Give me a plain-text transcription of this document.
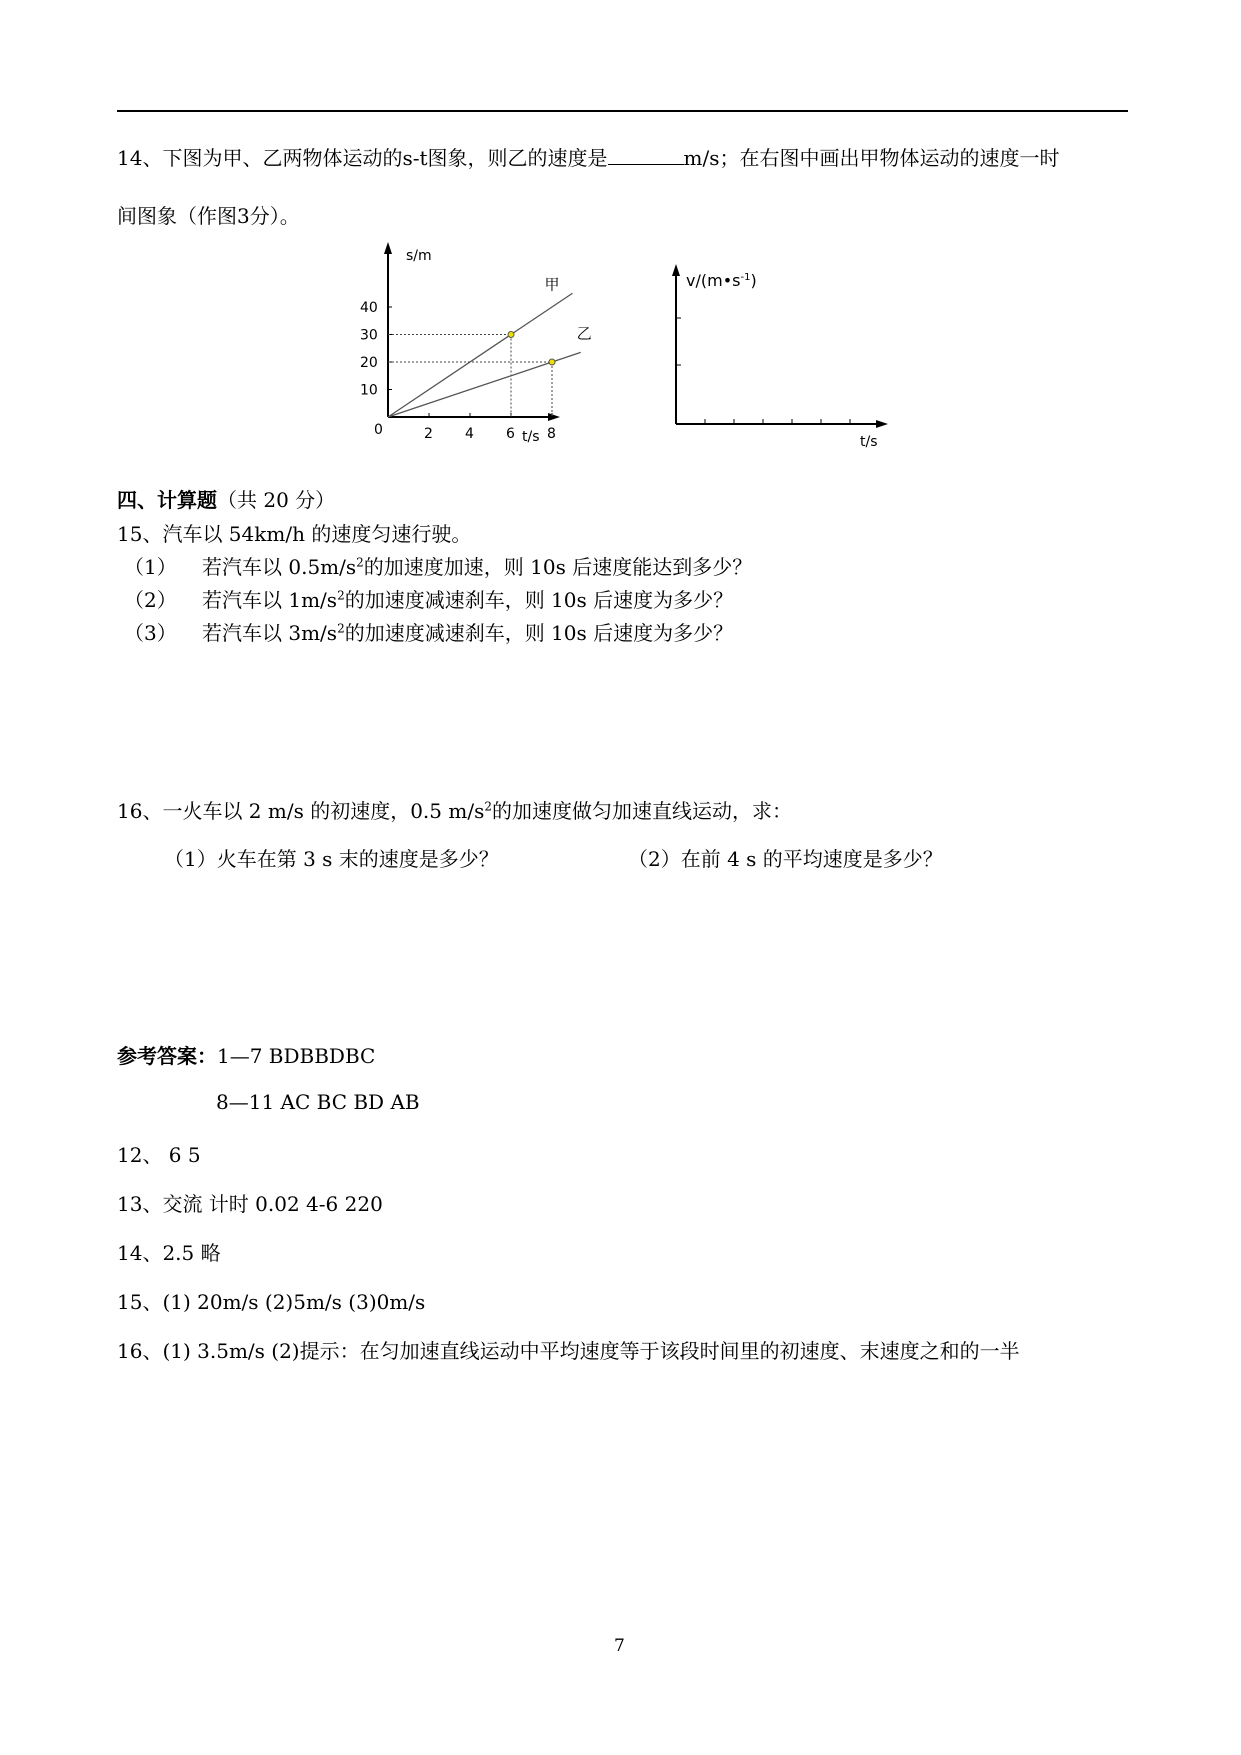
14、下图为甲、乙两物体运动的s-t图象，则乙的速度是	m/s；在右图中画出甲物体运动的速度一时
间图象（作图3分）。
10
20
30
40
2 4 6 8
0
s/m
t/s
甲
乙
$v/(m•s^{-1})$
t/s
四、计算题（共 20 分）
15、汽车以 54km/h 的速度匀速行驶。
（1） 若汽车以 $0.5m/s^2$的加速度加速，则 10s 后速度能达到多少？
（2） 若汽车以 $1m/s^2$的加速度减速刹车，则 10s 后速度为多少？
（3） 若汽车以 $3m/s^2$的加速度减速刹车，则 10s 后速度为多少？
16、一火车以 2 m/s 的初速度，0.5 $m/s^2$的加速度做匀加速直线运动，求：
（1）火车在第 3 s 末的速度是多少？	（2）在前 4 s 的平均速度是多少？
参考答案：1—7 BDBBDBC
8—11 AC BC BD AB
12、 6 5
13、交流 计时 0.02 4-6 220
14、2.5 略
15、(1) 20m/s (2)5m/s (3)0m/s
16、(1) 3.5m/s (2)提示：在匀加速直线运动中平均速度等于该段时间里的初速度、末速度之和的一半
7
